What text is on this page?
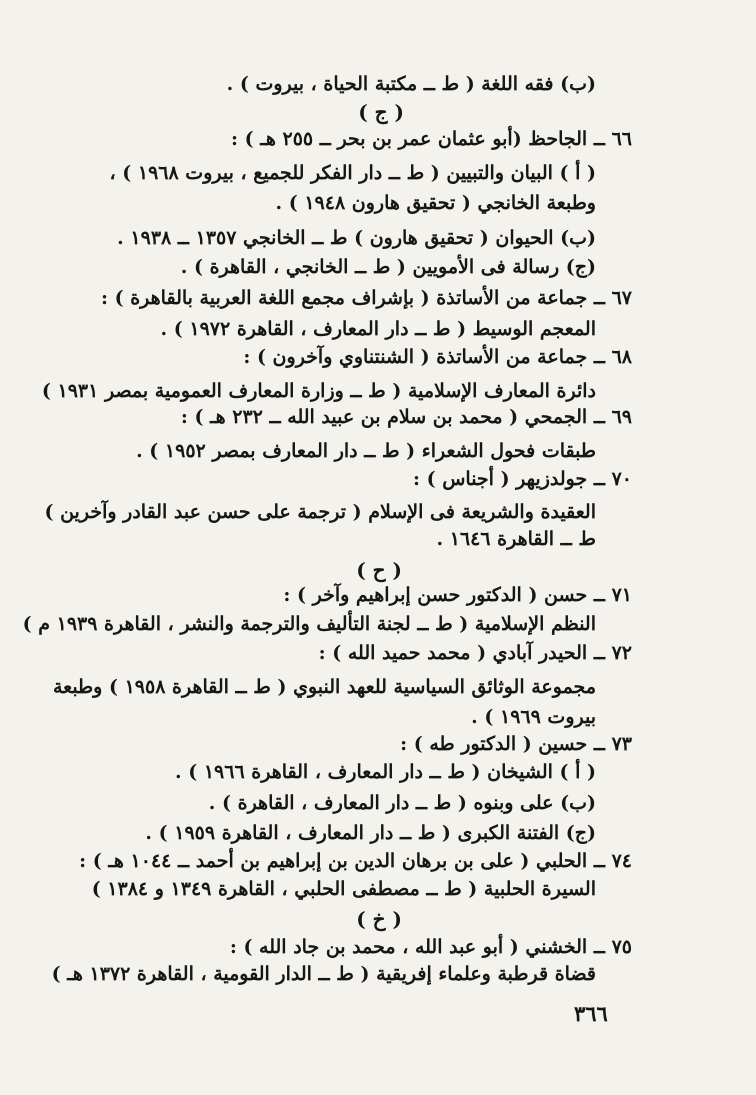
(ب) فقه اللغة ( ط ــ مكتبة الحياة ، بيروت ) .

( ج )

٦٦ ــ الجاحظ (أبو عثمان عمر بن بحر ــ ٢٥٥ هـ ) :

( أ ) البيان والتبيين ( ط ــ دار الفكر للجميع ، بيروت ١٩٦٨ ) ،

وطبعة الخانجي ( تحقيق هارون ١٩٤٨ ) .

(ب) الحيوان ( تحقيق هارون ) ط ــ الخانجي ١٣٥٧ ــ ١٩٣٨ .

(ج) رسالة فى الأمويين ( ط ــ الخانجي ، القاهرة ) .

٦٧ ــ جماعة من الأساتذة ( بإشراف مجمع اللغة العربية بالقاهرة ) :

المعجم الوسيط ( ط ــ دار المعارف ، القاهرة ١٩٧٢ ) .

٦٨ ــ جماعة من الأساتذة ( الشنتناوي وآخرون ) :

دائرة المعارف الإسلامية ( ط ــ وزارة المعارف العمومية بمصر ١٩٣١ )

٦٩ ــ الجمحي ( محمد بن سلام بن عبيد الله ــ ٢٣٢ هـ ) :

طبقات فحول الشعراء ( ط ــ دار المعارف بمصر ١٩٥٢ ) .

٧٠ ــ جولدزيهر ( أجناس ) :

العقيدة والشريعة فى الإسلام ( ترجمة على حسن عبد القادر وآخرين )

ط ــ القاهرة ١٦٤٦ .

( ح )

٧١ ــ حسن ( الدكتور حسن إبراهيم وآخر ) :

النظم الإسلامية ( ط ــ لجنة التأليف والترجمة والنشر ، القاهرة ١٩٣٩ م )

٧٢ ــ الحيدر آبادي ( محمد حميد الله ) :

مجموعة الوثائق السياسية للعهد النبوي ( ط ــ القاهرة ١٩٥٨ ) وطبعة

بيروت ١٩٦٩ ) .

٧٣ ــ حسين ( الدكتور طه ) :

( أ ) الشيخان ( ط ــ دار المعارف ، القاهرة ١٩٦٦ ) .

(ب) على وبنوه ( ط ــ دار المعارف ، القاهرة ) .

(ج) الفتنة الكبرى ( ط ــ دار المعارف ، القاهرة ١٩٥٩ ) .

٧٤ ــ الحلبي ( على بن برهان الدين بن إبراهيم بن أحمد ــ ١٠٤٤ هـ ) :

السيرة الحلبية ( ط ــ مصطفى الحلبي ، القاهرة ١٣٤٩ و ١٣٨٤ )

( خ )

٧٥ ــ الخشني ( أبو عبد الله ، محمد بن جاد الله ) :

قضاة قرطبة وعلماء إفريقية ( ط ــ الدار القومية ، القاهرة ١٣٧٢ هـ )

٣٦٦
